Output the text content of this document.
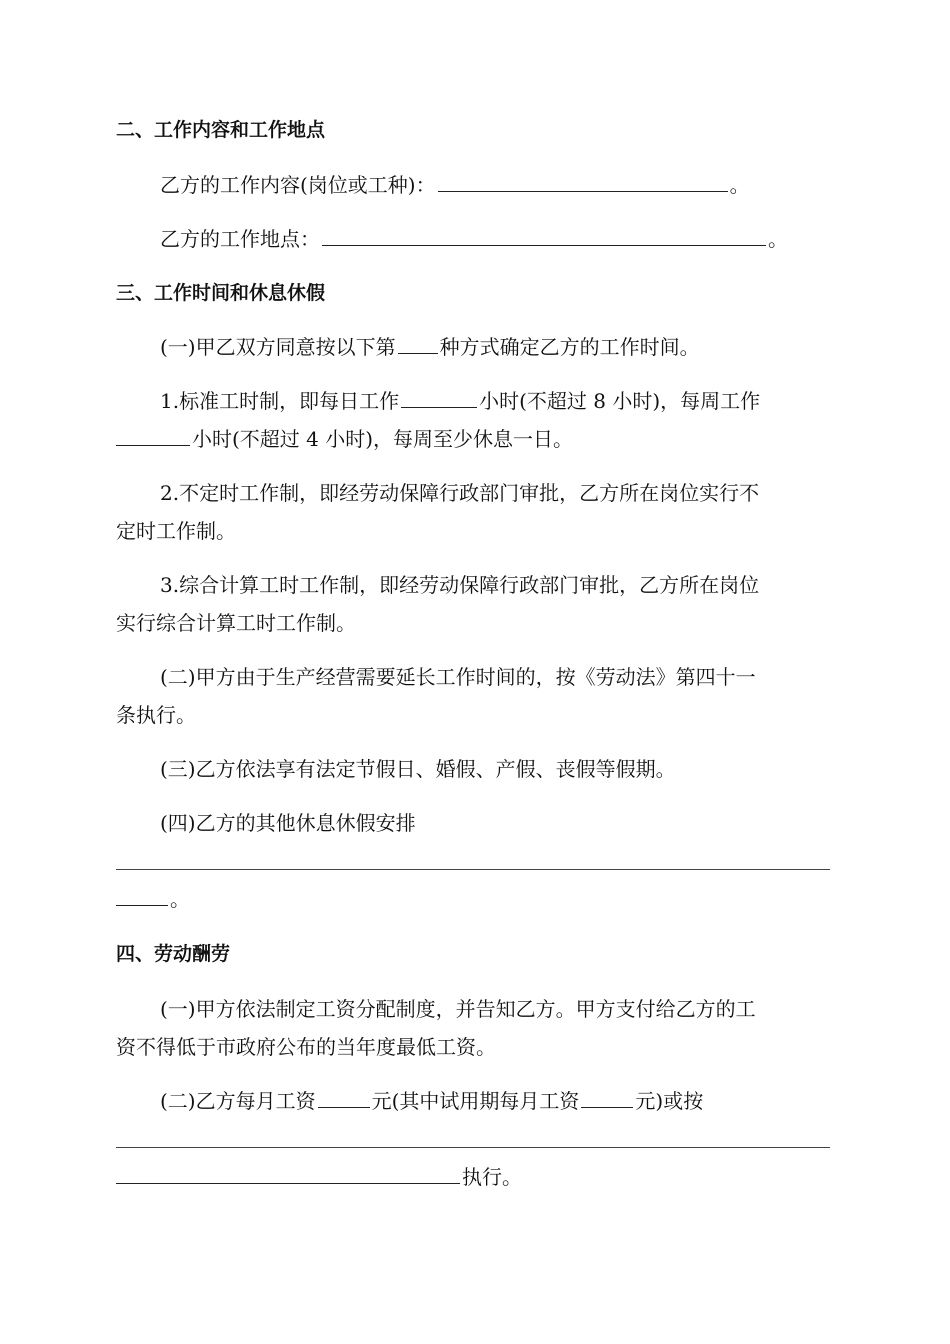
二、工作内容和工作地点
乙方的工作内容(岗位或工种)：	。
乙方的工作地点：	。
三、工作时间和休息休假
(一)甲乙双方同意按以下第 种方式确定乙方的工作时间。
1.标准工时制，即每日工作	小时(不超过 8 小时)，每周工作
小时(不超过 4 小时)，每周至少休息一日。
2.不定时工作制，即经劳动保障行政部门审批，乙方所在岗位实行不
定时工作制。
3.综合计算工时工作制，即经劳动保障行政部门审批，乙方所在岗位
实行综合计算工时工作制。
(二)甲方由于生产经营需要延长工作时间的，按《劳动法》第四十一
条执行。
(三)乙方依法享有法定节假日、婚假、产假、丧假等假期。
(四)乙方的其他休息休假安排
。
四、劳动酬劳
(一)甲方依法制定工资分配制度，并告知乙方。甲方支付给乙方的工
资不得低于市政府公布的当年度最低工资。
(二)乙方每月工资	元(其中试用期每月工资	元)或按
执行。
